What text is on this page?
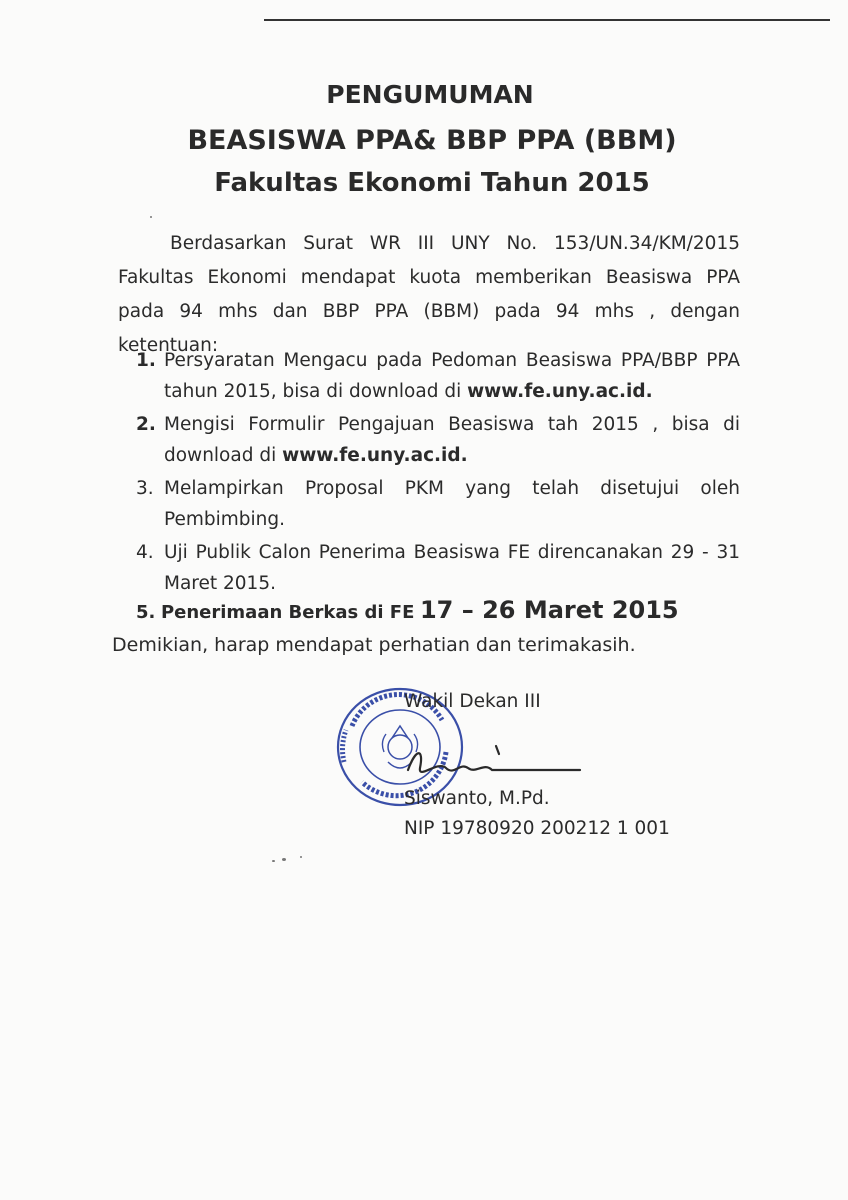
PENGUMUMAN
BEASISWA PPA& BBP PPA (BBM)
Fakultas Ekonomi Tahun 2015
Berdasarkan Surat WR III UNY No. 153/UN.34/KM/2015 Fakultas Ekonomi mendapat kuota memberikan Beasiswa PPA pada 94 mhs dan BBP PPA (BBM) pada 94 mhs , dengan ketentuan:
1. Persyaratan Mengacu pada Pedoman Beasiswa PPA/BBP PPA tahun 2015, bisa di download di www.fe.uny.ac.id.
2. Mengisi Formulir Pengajuan Beasiswa tah 2015 , bisa di download di www.fe.uny.ac.id.
3. Melampirkan Proposal PKM yang telah disetujui oleh Pembimbing.
4. Uji Publik Calon Penerima Beasiswa FE direncanakan 29 - 31 Maret 2015.
5. Penerimaan Berkas di FE 17 – 26 Maret 2015
Demikian, harap mendapat perhatian dan terimakasih.
Wakil Dekan III
Siswanto, M.Pd.
NIP 19780920 200212 1 001
